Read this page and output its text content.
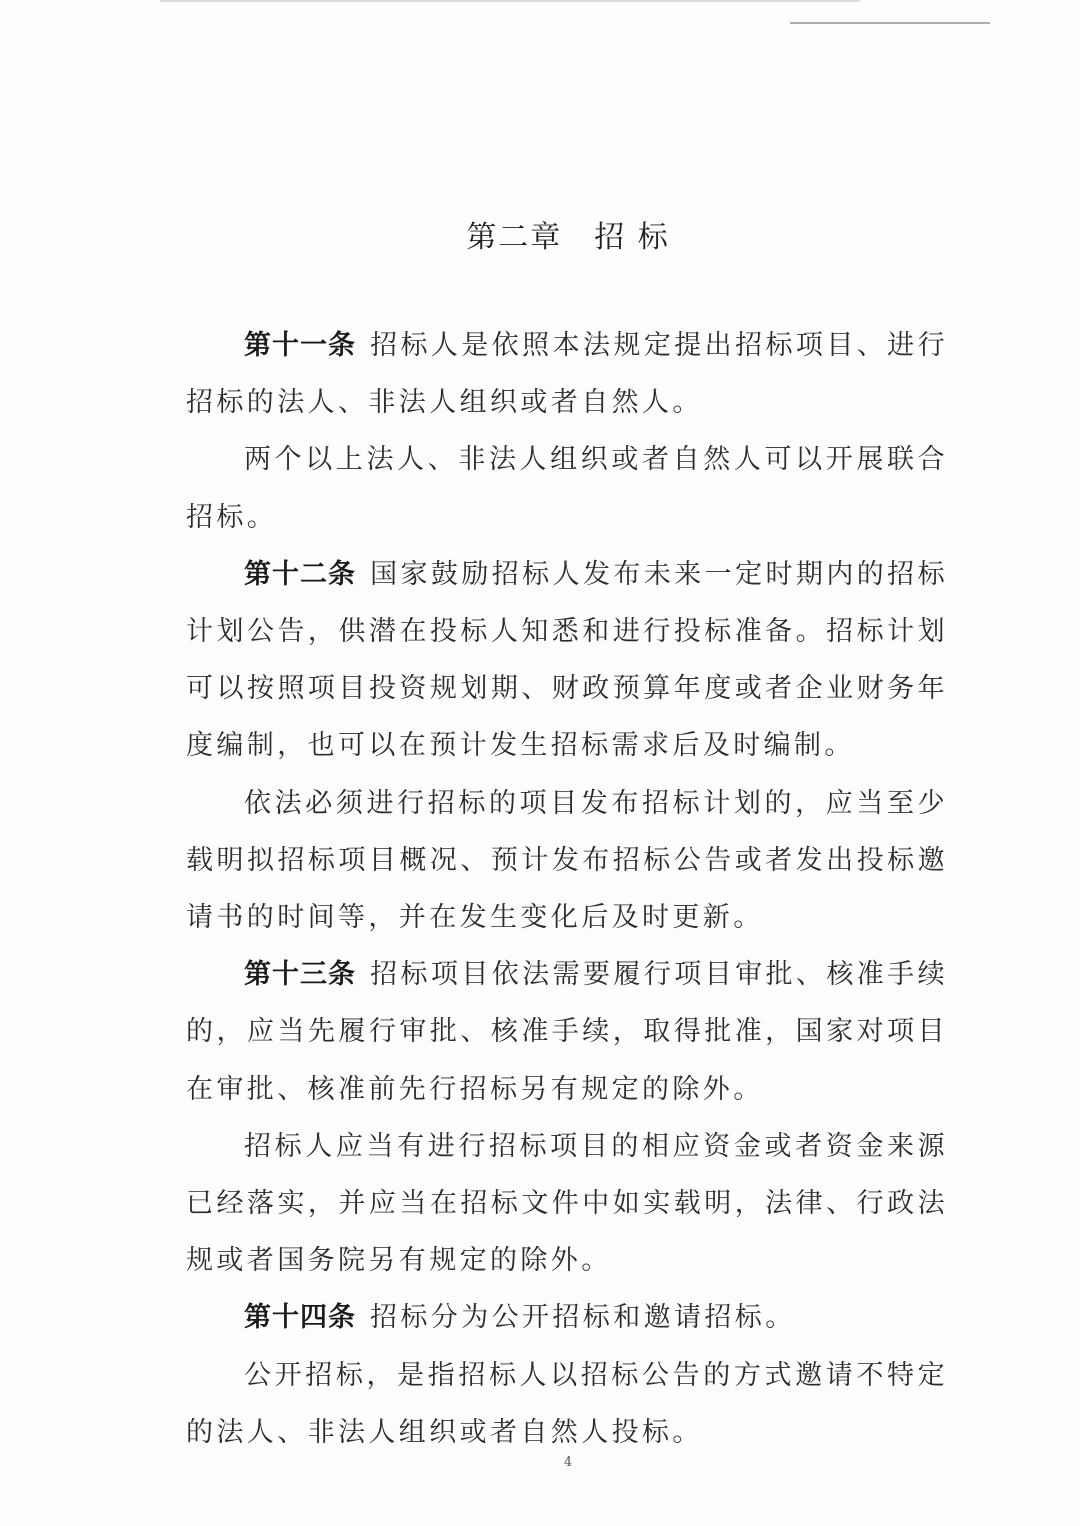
第二章　招 标

第十一条 招标人是依照本法规定提出招标项目、进行招标的法人、非法人组织或者自然人。

两个以上法人、非法人组织或者自然人可以开展联合招标。

第十二条 国家鼓励招标人发布未来一定时期内的招标计划公告，供潜在投标人知悉和进行投标准备。招标计划可以按照项目投资规划期、财政预算年度或者企业财务年度编制，也可以在预计发生招标需求后及时编制。

依法必须进行招标的项目发布招标计划的，应当至少载明拟招标项目概况、预计发布招标公告或者发出投标邀请书的时间等，并在发生变化后及时更新。

第十三条 招标项目依法需要履行项目审批、核准手续的，应当先履行审批、核准手续，取得批准，国家对项目在审批、核准前先行招标另有规定的除外。

招标人应当有进行招标项目的相应资金或者资金来源已经落实，并应当在招标文件中如实载明，法律、行政法规或者国务院另有规定的除外。

第十四条 招标分为公开招标和邀请招标。

公开招标，是指招标人以招标公告的方式邀请不特定的法人、非法人组织或者自然人投标。

4
